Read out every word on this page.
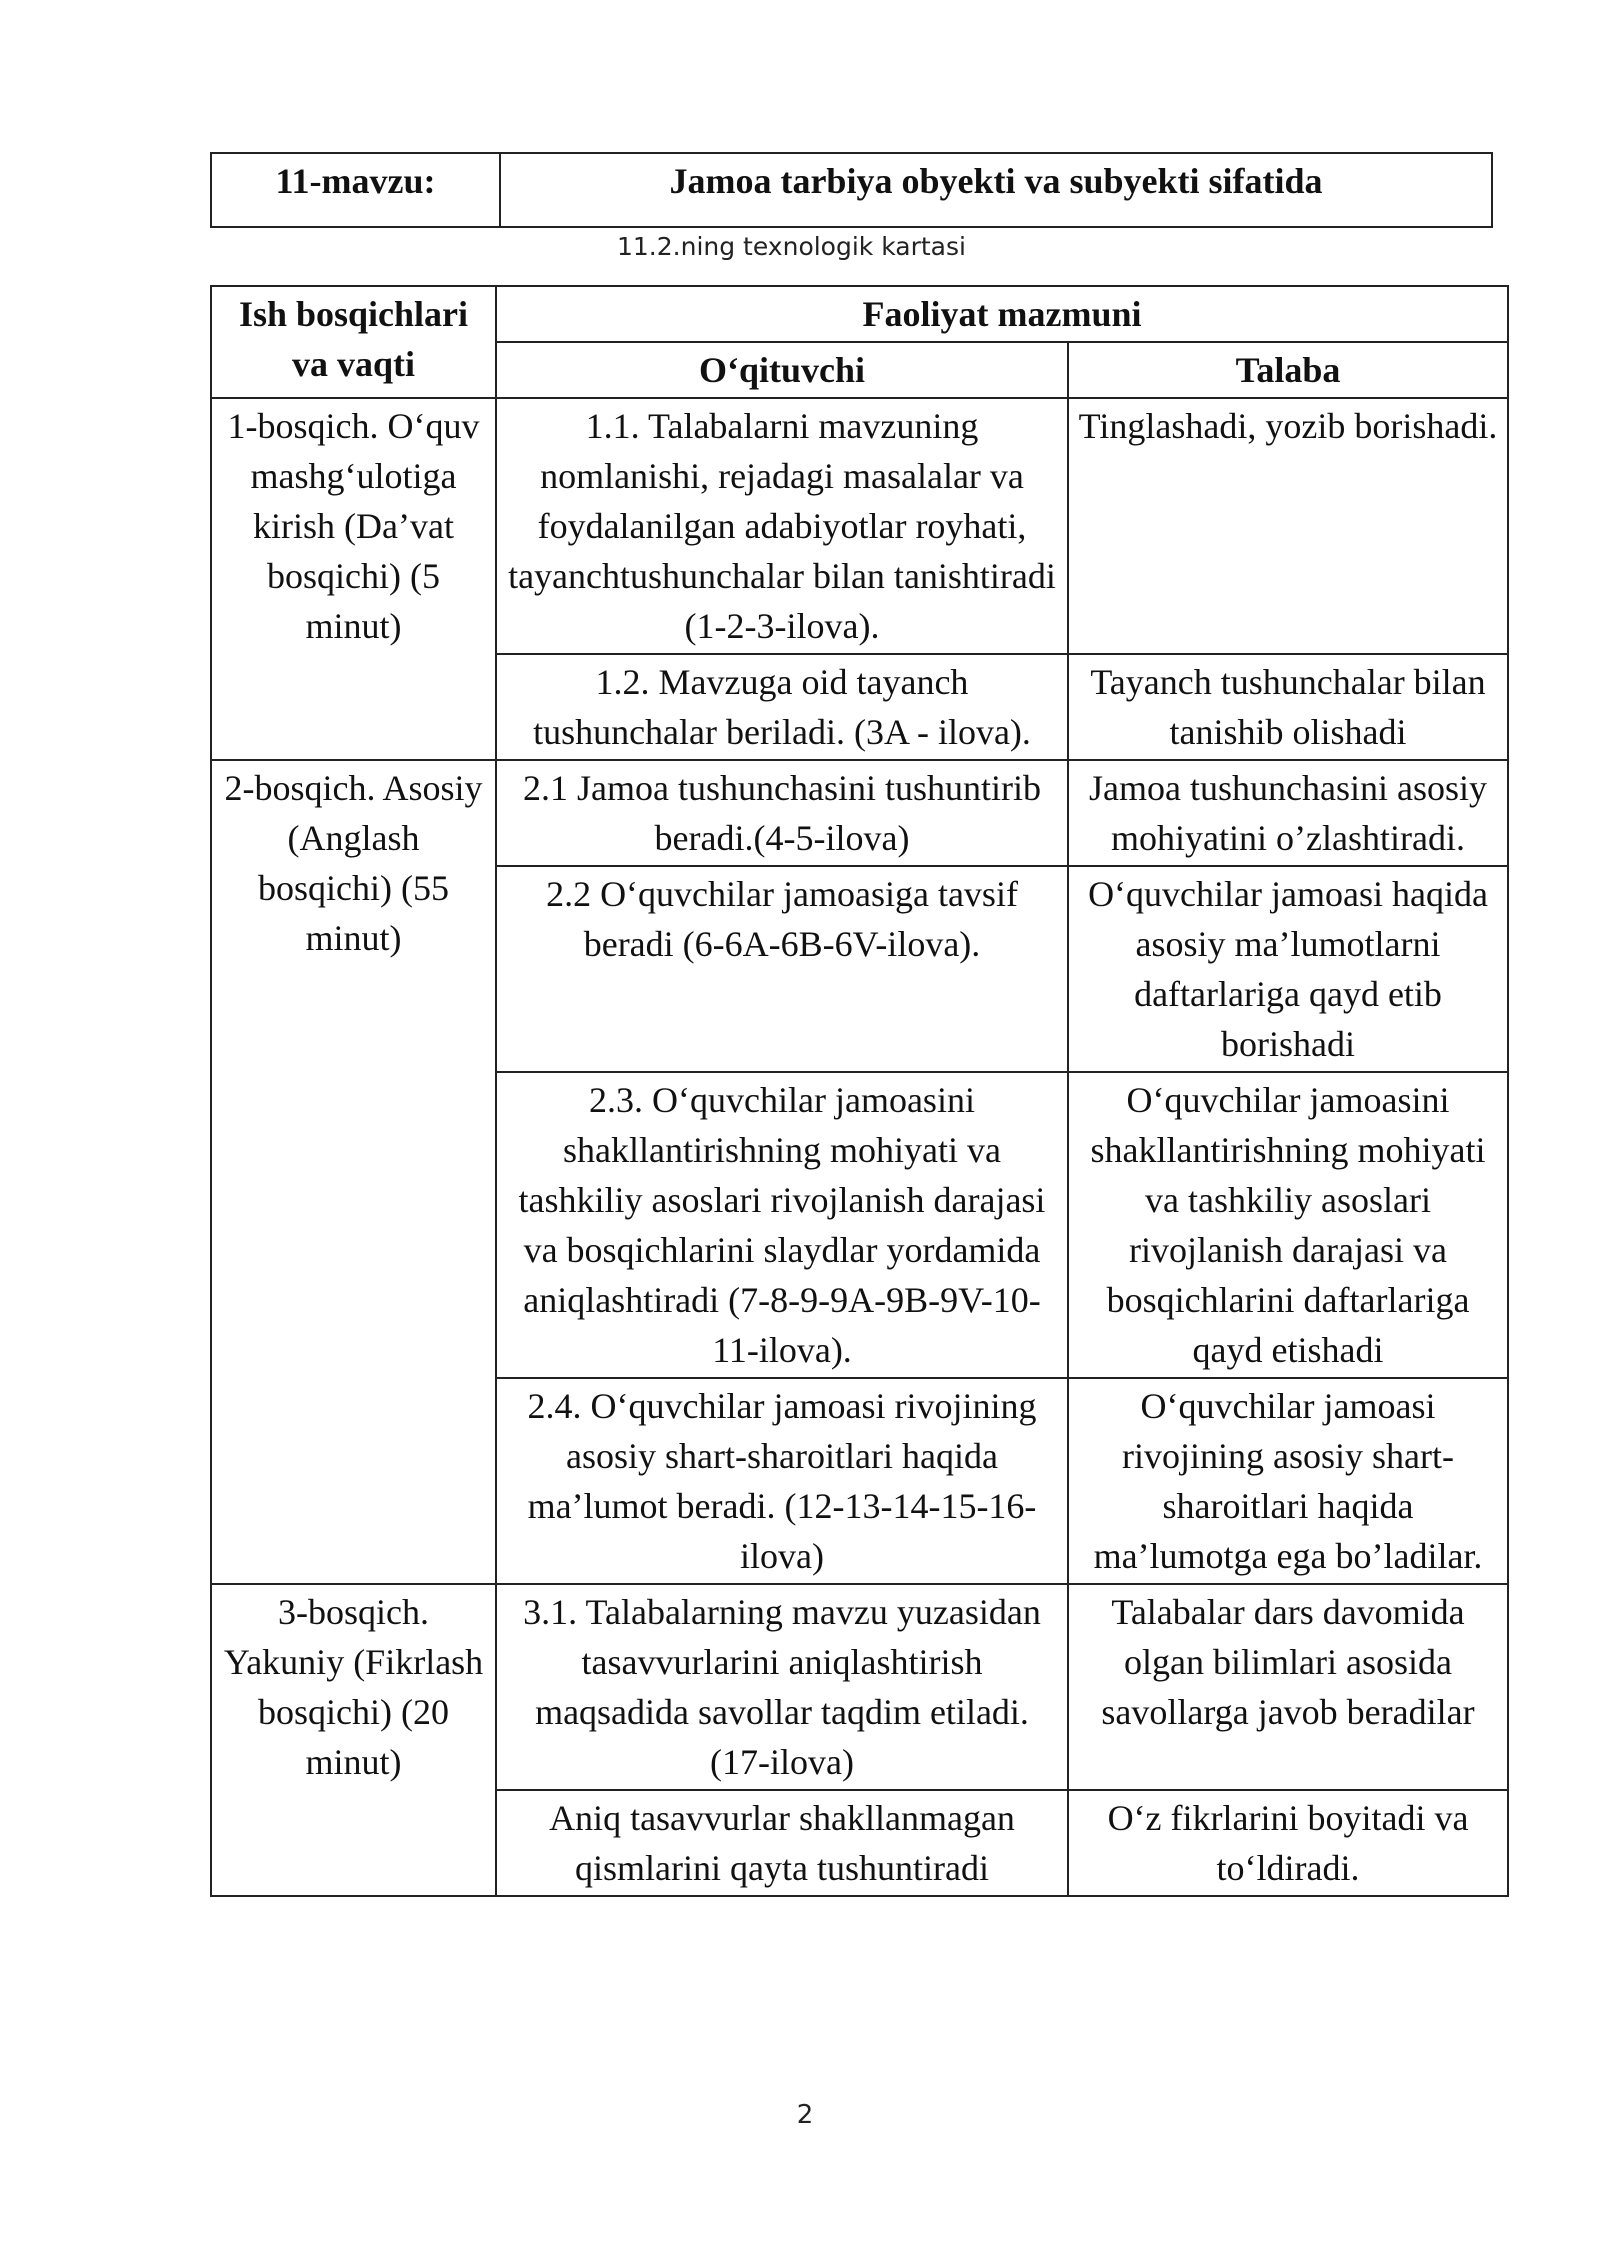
11-mavzu:	Jamoa tarbiya obyekti va subyekti sifatida
11.2.ning texnologik kartasi
Ish bosqichlari va vaqti	Faoliyat mazmuni	
	O‘qituvchi	Talaba
1-bosqich. O‘quv mashg‘ulotiga kirish (Da’vat bosqichi) (5 minut)	1.1. Talabalarni mavzuning nomlanishi, rejadagi masalalar va foydalanilgan adabiyotlar royhati, tayanchtushunchalar bilan tanishtiradi (1-2-3-ilova).	Tinglashadi, yozib borishadi.
	1.2. Mavzuga oid tayanch tushunchalar beriladi. (3A - ilova).	Tayanch tushunchalar bilan tanishib olishadi
2-bosqich. Asosiy (Anglash bosqichi) (55 minut)	2.1 Jamoa tushunchasini tushuntirib beradi.(4-5-ilova)	Jamoa tushunchasini asosiy mohiyatini o’zlashtiradi.
	2.2 O‘quvchilar jamoasiga tavsif beradi (6-6A-6B-6V-ilova).	O‘quvchilar jamoasi haqida asosiy ma’lumotlarni daftarlariga qayd etib borishadi
	2.3. O‘quvchilar jamoasini shakllantirishning mohiyati va tashkiliy asoslari rivojlanish darajasi va bosqichlarini slaydlar yordamida aniqlashtiradi (7-8-9-9A-9B-9V-10-11-ilova).	O‘quvchilar jamoasini shakllantirishning mohiyati va tashkiliy asoslari rivojlanish darajasi va bosqichlarini daftarlariga qayd etishadi
	2.4. O‘quvchilar jamoasi rivojining asosiy shart-sharoitlari haqida ma’lumot beradi. (12-13-14-15-16-ilova)	O‘quvchilar jamoasi rivojining asosiy shart-sharoitlari haqida ma’lumotga ega bo’ladilar.
3-bosqich. Yakuniy (Fikrlash bosqichi) (20 minut)	3.1. Talabalarning mavzu yuzasidan tasavvurlarini aniqlashtirish maqsadida savollar taqdim etiladi. (17-ilova)	Talabalar dars davomida olgan bilimlari asosida savollarga javob beradilar
	Aniq tasavvurlar shakllanmagan qismlarini qayta tushuntiradi	O‘z fikrlarini boyitadi va to‘ldiradi.
2
